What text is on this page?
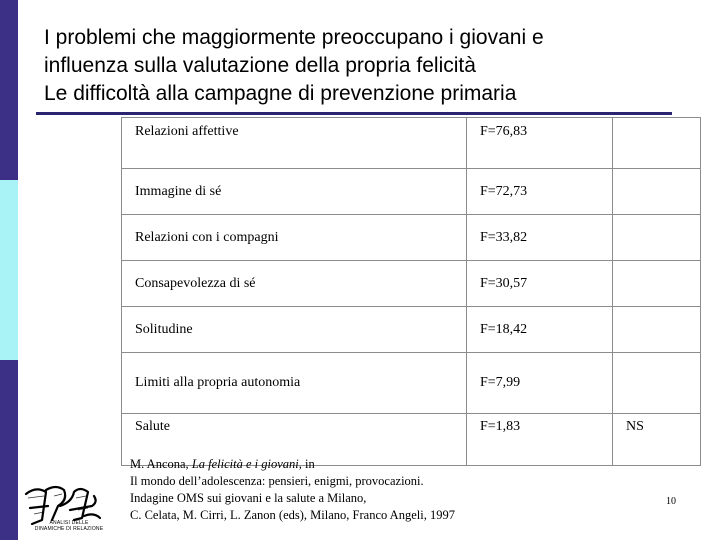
I problemi che maggiormente preoccupano i giovani e
influenza sulla valutazione della propria felicità
Le difficoltà alla campagne di prevenzione primaria
Relazioni affettive	F=76,83	
Immagine di sé	F=72,73	
Relazioni con i compagni	F=33,82	
Consapevolezza di sé	F=30,57	
Solitudine	F=18,42	
Limiti alla propria autonomia	F=7,99	
Salute	F=1,83	NS
M. Ancona, La felicità e i giovani, in
Il mondo dell’adolescenza: pensieri, enigmi, provocazioni.
Indagine OMS sui giovani e la salute a Milano,
C. Celata, M. Cirri, L. Zanon (eds), Milano, Franco Angeli, 1997
10
ANALISI DELLE
DINAMICHE DI RELAZIONE
